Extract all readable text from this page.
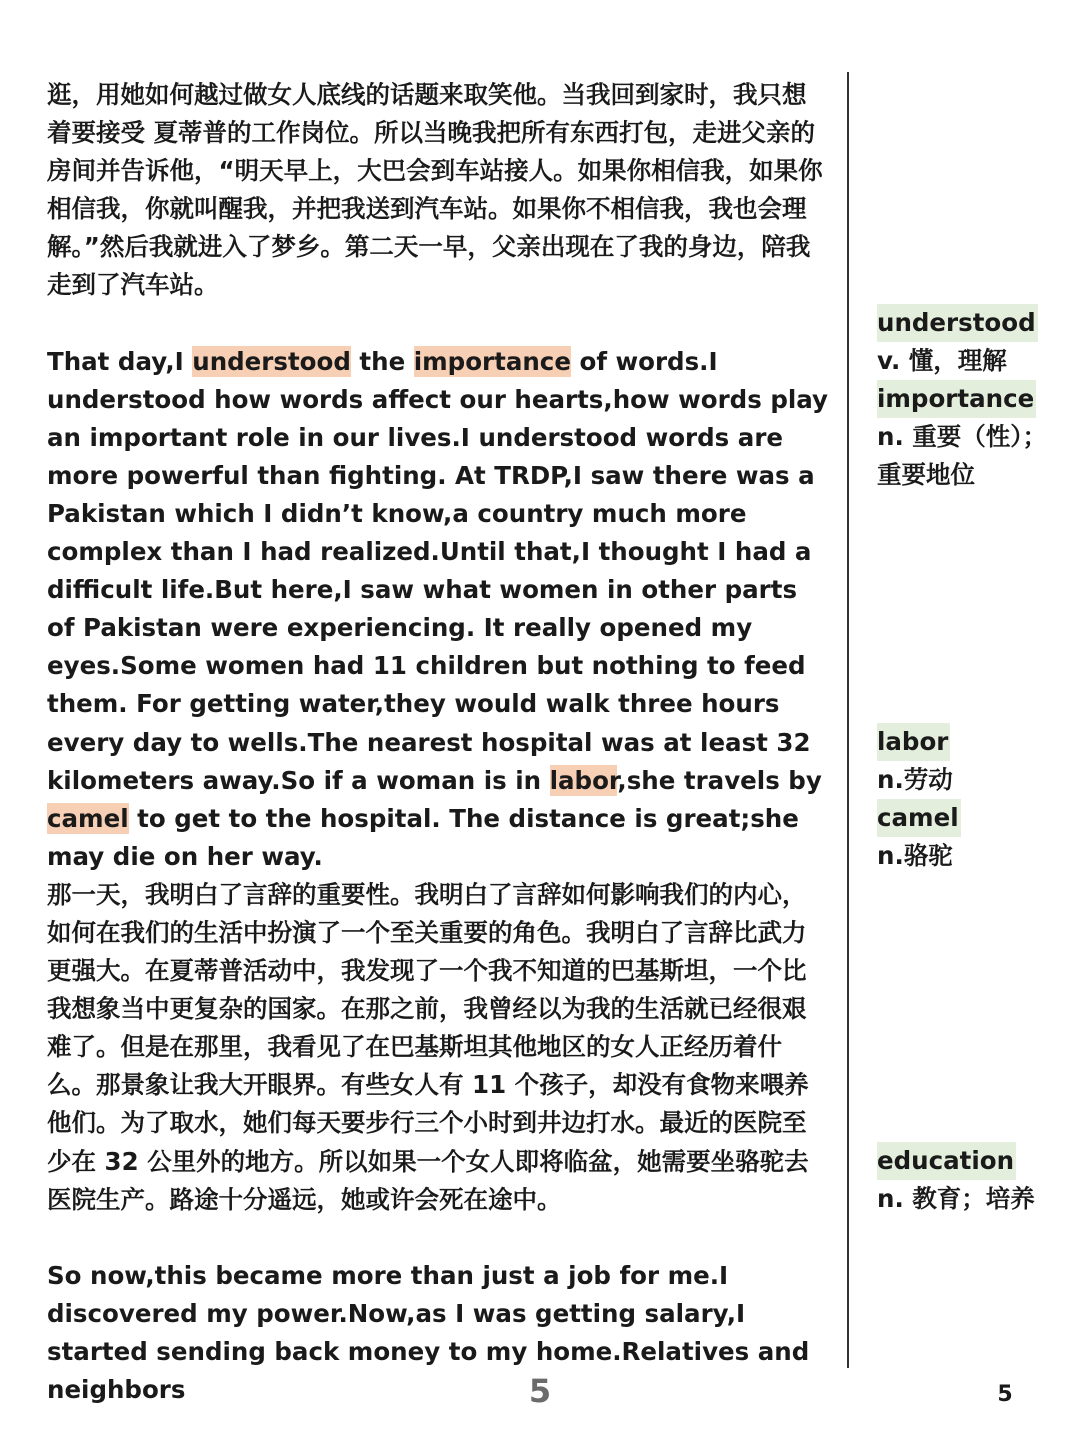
逛，用她如何越过做女人底线的话题来取笑他。当我回到家时，我只想着要接受 夏蒂普的工作岗位。所以当晚我把所有东西打包，走进父亲的房间并告诉他，“明天早上，大巴会到车站接人。如果你相信我，如果你相信我，你就叫醒我，并把我送到汽车站。如果你不相信我，我也会理解。”然后我就进入了梦乡。第二天一早，父亲出现在了我的身边，陪我走到了汽车站。

That day,I understood the importance of words.I understood how words affect our hearts,how words play an important role in our lives.I understood words are more powerful than fighting. At TRDP,I saw there was a Pakistan which I didn’t know,a country much more complex than I had realized.Until that,I thought I had a difficult life.But here,I saw what women in other parts of Pakistan were experiencing. It really opened my eyes.Some women had 11 children but nothing to feed them. For getting water,they would walk three hours every day to wells.The nearest hospital was at least 32 kilometers away.So if a woman is in labor,she travels by camel to get to the hospital. The distance is great;she may die on her way.

那一天，我明白了言辞的重要性。我明白了言辞如何影响我们的内心，如何在我们的生活中扮演了一个至关重要的角色。我明白了言辞比武力更强大。在夏蒂普活动中，我发现了一个我不知道的巴基斯坦，一个比我想象当中更复杂的国家。在那之前，我曾经以为我的生活就已经很艰难了。但是在那里，我看见了在巴基斯坦其他地区的女人正经历着什么。那景象让我大开眼界。有些女人有 11 个孩子，却没有食物来喂养他们。为了取水，她们每天要步行三个小时到井边打水。最近的医院至少在 32 公里外的地方。所以如果一个女人即将临盆，她需要坐骆驼去医院生产。路途十分遥远，她或许会死在途中。

So now,this became more than just a job for me.I discovered my power.Now,as I was getting salary,I started sending back money to my home.Relatives and neighbors

understood
v. 懂，理解
importance
n. 重要（性）；重要地位
labor
n.劳动
camel
n.骆驼
education
n. 教育；培养
5	5
